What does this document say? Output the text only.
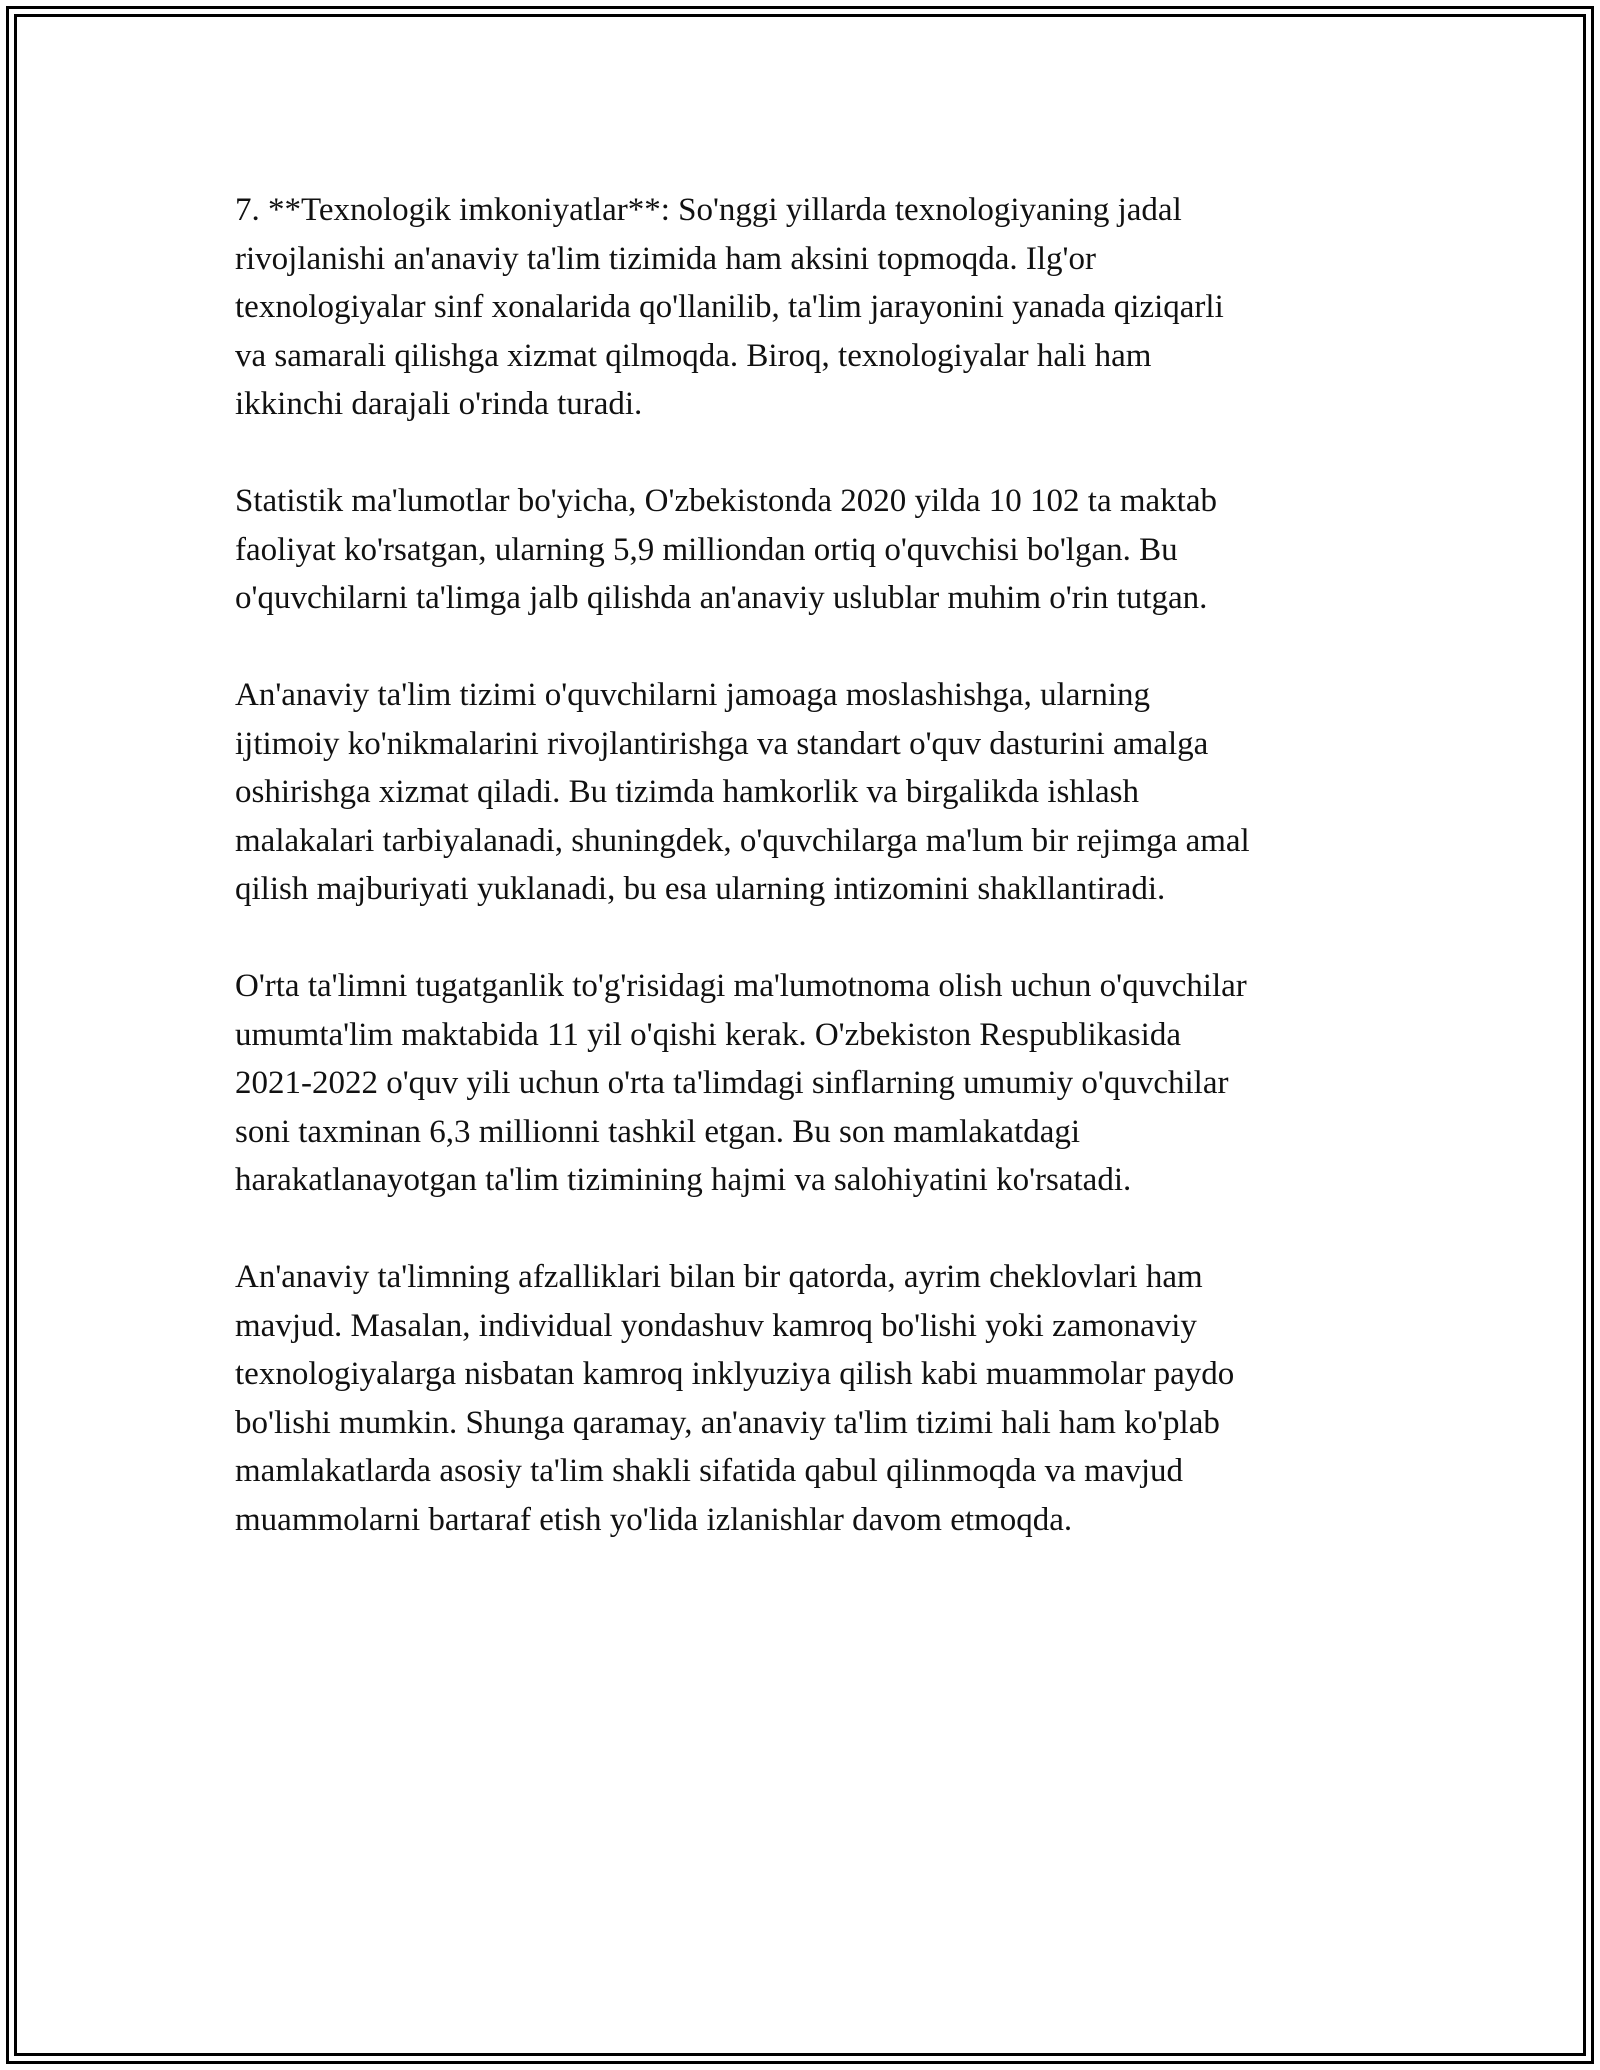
7. **Texnologik imkoniyatlar**: So'nggi yillarda texnologiyaning jadal
rivojlanishi an'anaviy ta'lim tizimida ham aksini topmoqda. Ilg'or
texnologiyalar sinf xonalarida qo'llanilib, ta'lim jarayonini yanada qiziqarli
va samarali qilishga xizmat qilmoqda. Biroq, texnologiyalar hali ham
ikkinchi darajali o'rinda turadi.

Statistik ma'lumotlar bo'yicha, O'zbekistonda 2020 yilda 10 102 ta maktab
faoliyat ko'rsatgan, ularning 5,9 milliondan ortiq o'quvchisi bo'lgan. Bu
o'quvchilarni ta'limga jalb qilishda an'anaviy uslublar muhim o'rin tutgan.

An'anaviy ta'lim tizimi o'quvchilarni jamoaga moslashishga, ularning
ijtimoiy ko'nikmalarini rivojlantirishga va standart o'quv dasturini amalga
oshirishga xizmat qiladi. Bu tizimda hamkorlik va birgalikda ishlash
malakalari tarbiyalanadi, shuningdek, o'quvchilarga ma'lum bir rejimga amal
qilish majburiyati yuklanadi, bu esa ularning intizomini shakllantiradi.

O'rta ta'limni tugatganlik to'g'risidagi ma'lumotnoma olish uchun o'quvchilar
umumta'lim maktabida 11 yil o'qishi kerak. O'zbekiston Respublikasida
2021-2022 o'quv yili uchun o'rta ta'limdagi sinflarning umumiy o'quvchilar
soni taxminan 6,3 millionni tashkil etgan. Bu son mamlakatdagi
harakatlanayotgan ta'lim tizimining hajmi va salohiyatini ko'rsatadi.

An'anaviy ta'limning afzalliklari bilan bir qatorda, ayrim cheklovlari ham
mavjud. Masalan, individual yondashuv kamroq bo'lishi yoki zamonaviy
texnologiyalarga nisbatan kamroq inklyuziya qilish kabi muammolar paydo
bo'lishi mumkin. Shunga qaramay, an'anaviy ta'lim tizimi hali ham ko'plab
mamlakatlarda asosiy ta'lim shakli sifatida qabul qilinmoqda va mavjud
muammolarni bartaraf etish yo'lida izlanishlar davom etmoqda.
